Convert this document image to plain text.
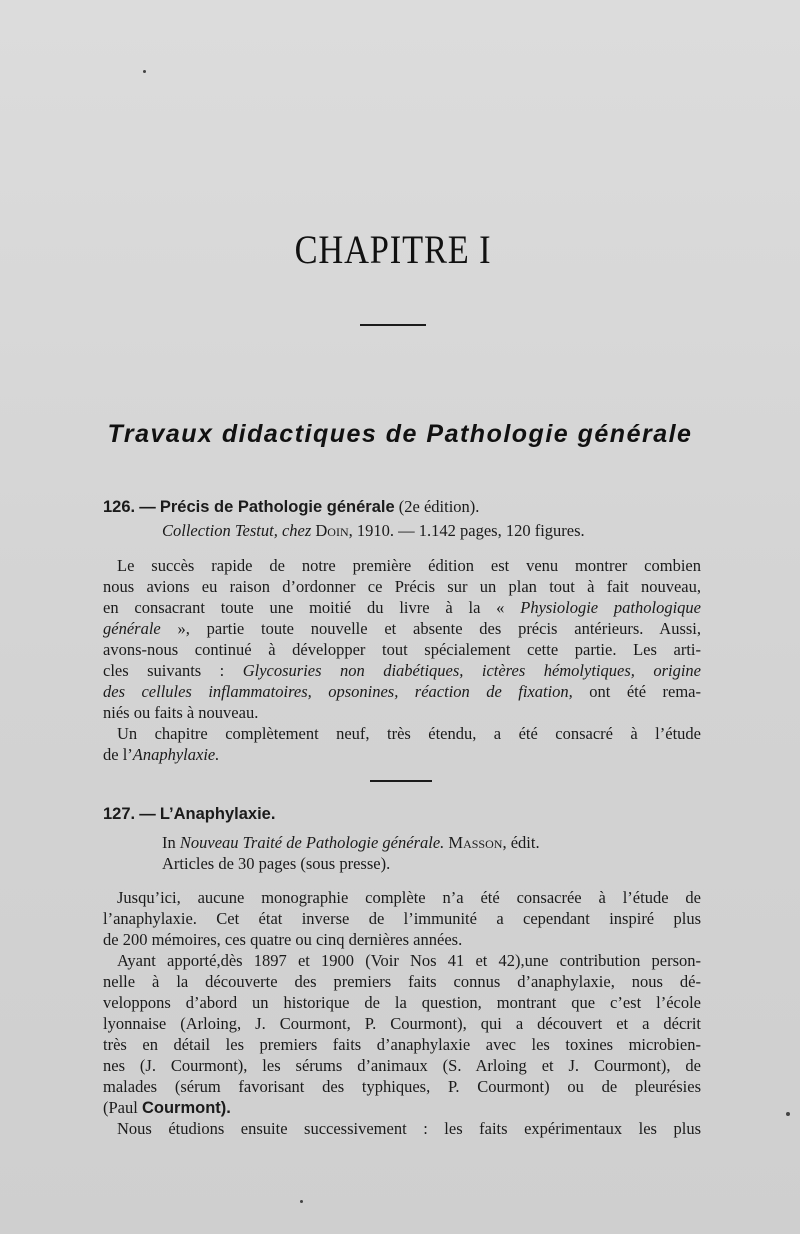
CHAPITRE I
Travaux didactiques de Pathologie générale
126. — Précis de Pathologie générale (2e édition).
Collection Testut, chez Doin, 1910. — 1.142 pages, 120 figures.
Le succès rapide de notre première édition est venu montrer combien
nous avions eu raison d’ordonner ce Précis sur un plan tout à fait nouveau,
en consacrant toute une moitié du livre à la « Physiologie pathologique
générale », partie toute nouvelle et absente des précis antérieurs. Aussi,
avons-nous continué à développer tout spécialement cette partie. Les arti-
cles suivants : Glycosuries non diabétiques, ictères hémolytiques, origine
des cellules inflammatoires, opsonines, réaction de fixation, ont été rema-
niés ou faits à nouveau.
Un chapitre complètement neuf, très étendu, a été consacré à l’étude
de l’Anaphylaxie.
127. — L’Anaphylaxie.
In Nouveau Traité de Pathologie générale. Masson, édit.
Articles de 30 pages (sous presse).
Jusqu’ici, aucune monographie complète n’a été consacrée à l’étude de
l’anaphylaxie. Cet état inverse de l’immunité a cependant inspiré plus
de 200 mémoires, ces quatre ou cinq dernières années.
Ayant apporté,dès 1897 et 1900 (Voir Nos 41 et 42),une contribution person-
nelle à la découverte des premiers faits connus d’anaphylaxie, nous dé-
veloppons d’abord un historique de la question, montrant que c’est l’école
lyonnaise (Arloing, J. Courmont, P. Courmont), qui a découvert et a décrit
très en détail les premiers faits d’anaphylaxie avec les toxines microbien-
nes (J. Courmont), les sérums d’animaux (S. Arloing et J. Courmont), de
malades (sérum favorisant des typhiques, P. Courmont) ou de pleurésies
(Paul Courmont).
Nous étudions ensuite successivement : les faits expérimentaux les plus
